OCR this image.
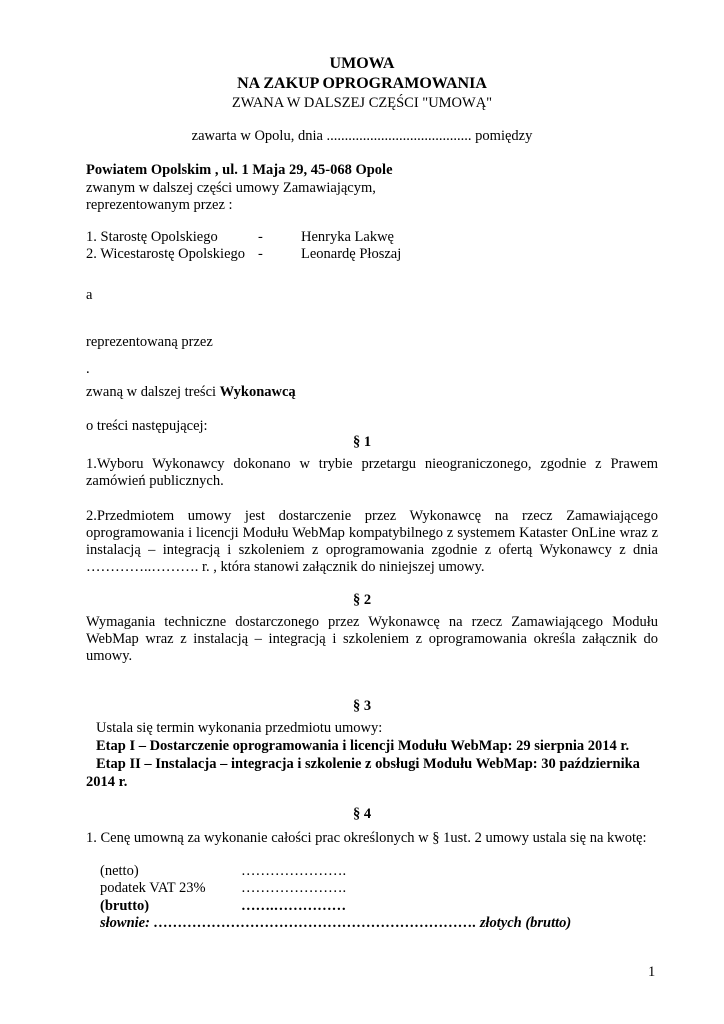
UMOWA
NA ZAKUP OPROGRAMOWANIA
ZWANA W DALSZEJ CZĘŚCI "UMOWĄ"
zawarta w Opolu, dnia ........................................ pomiędzy
Powiatem Opolskim , ul. 1 Maja 29, 45-068 Opole
zwanym w dalszej części umowy Zamawiającym,
reprezentowanym przez :
1. Starostę Opolskiego	-	Henryka Lakwę
2. Wicestarostę Opolskiego -	Leonardę Płoszaj
a
reprezentowaną przez
.
zwaną w dalszej treści Wykonawcą
o treści następującej:
§ 1
1.Wyboru Wykonawcy dokonano w trybie przetargu nieograniczonego, zgodnie z Prawem zamówień publicznych.
2.Przedmiotem umowy jest dostarczenie przez Wykonawcę na rzecz Zamawiającego oprogramowania i licencji Modułu WebMap kompatybilnego z systemem Kataster OnLine wraz z instalacją – integracją i szkoleniem z oprogramowania zgodnie z ofertą Wykonawcy z dnia …………..………. r. , która stanowi załącznik do niniejszej umowy.
§ 2
Wymagania techniczne dostarczonego przez Wykonawcę na rzecz Zamawiającego Modułu WebMap wraz z instalacją – integracją i szkoleniem z oprogramowania określa załącznik do umowy.
§ 3
Ustala się termin wykonania przedmiotu umowy:
Etap I – Dostarczenie oprogramowania i licencji Modułu WebMap: 29 sierpnia 2014 r.
Etap II – Instalacja – integracja i szkolenie z obsługi Modułu WebMap: 30 października
2014 r.
§ 4
1. Cenę umowną za wykonanie całości prac określonych w § 1ust. 2 umowy ustala się na kwotę:
(netto)	………………….
podatek VAT 23% ………………….
(brutto)	…….……………
słownie: …………………………………………………………. złotych (brutto)
1
